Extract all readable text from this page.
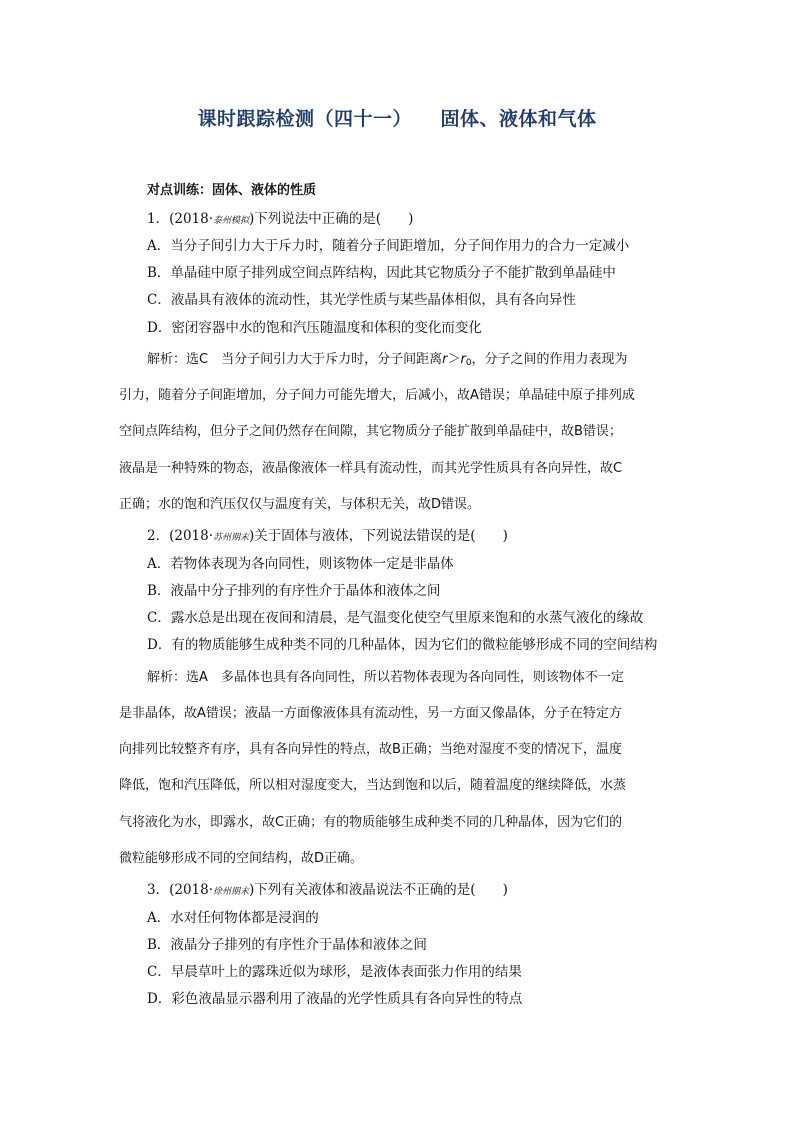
课时跟踪检测（四十一）    固体、液体和气体
对点训练：固体、液体的性质
1．(2018·泰州模拟)下列说法中正确的是(　　)
A．当分子间引力大于斥力时，随着分子间距增加，分子间作用力的合力一定减小
B．单晶硅中原子排列成空间点阵结构，因此其它物质分子不能扩散到单晶硅中
C．液晶具有液体的流动性，其光学性质与某些晶体相似，具有各向异性
D．密闭容器中水的饱和汽压随温度和体积的变化而变化
解析：选C　当分子间引力大于斥力时，分子间距离$r>r_0$，分子之间的作用力表现为
引力，随着分子间距增加，分子间力可能先增大，后减小，故A错误；单晶硅中原子排列成
空间点阵结构，但分子之间仍然存在间隙，其它物质分子能扩散到单晶硅中，故B错误；
液晶是一种特殊的物态，液晶像液体一样具有流动性，而其光学性质具有各向异性，故C
正确；水的饱和汽压仅仅与温度有关，与体积无关，故D错误。
2．(2018·苏州期末)关于固体与液体，下列说法错误的是(　　)
A．若物体表现为各向同性，则该物体一定是非晶体
B．液晶中分子排列的有序性介于晶体和液体之间
C．露水总是出现在夜间和清晨，是气温变化使空气里原来饱和的水蒸气液化的缘故
D．有的物质能够生成种类不同的几种晶体，因为它们的微粒能够形成不同的空间结构
解析：选A　多晶体也具有各向同性，所以若物体表现为各向同性，则该物体不一定
是非晶体，故A错误；液晶一方面像液体具有流动性，另一方面又像晶体，分子在特定方
向排列比较整齐有序，具有各向异性的特点，故B正确；当绝对湿度不变的情况下，温度
降低，饱和汽压降低，所以相对湿度变大，当达到饱和以后，随着温度的继续降低，水蒸
气将液化为水，即露水，故C正确；有的物质能够生成种类不同的几种晶体，因为它们的
微粒能够形成不同的空间结构，故D正确。
3．(2018·徐州期末)下列有关液体和液晶说法不正确的是(　　)
A．水对任何物体都是浸润的
B．液晶分子排列的有序性介于晶体和液体之间
C．早晨草叶上的露珠近似为球形，是液体表面张力作用的结果
D．彩色液晶显示器利用了液晶的光学性质具有各向异性的特点
